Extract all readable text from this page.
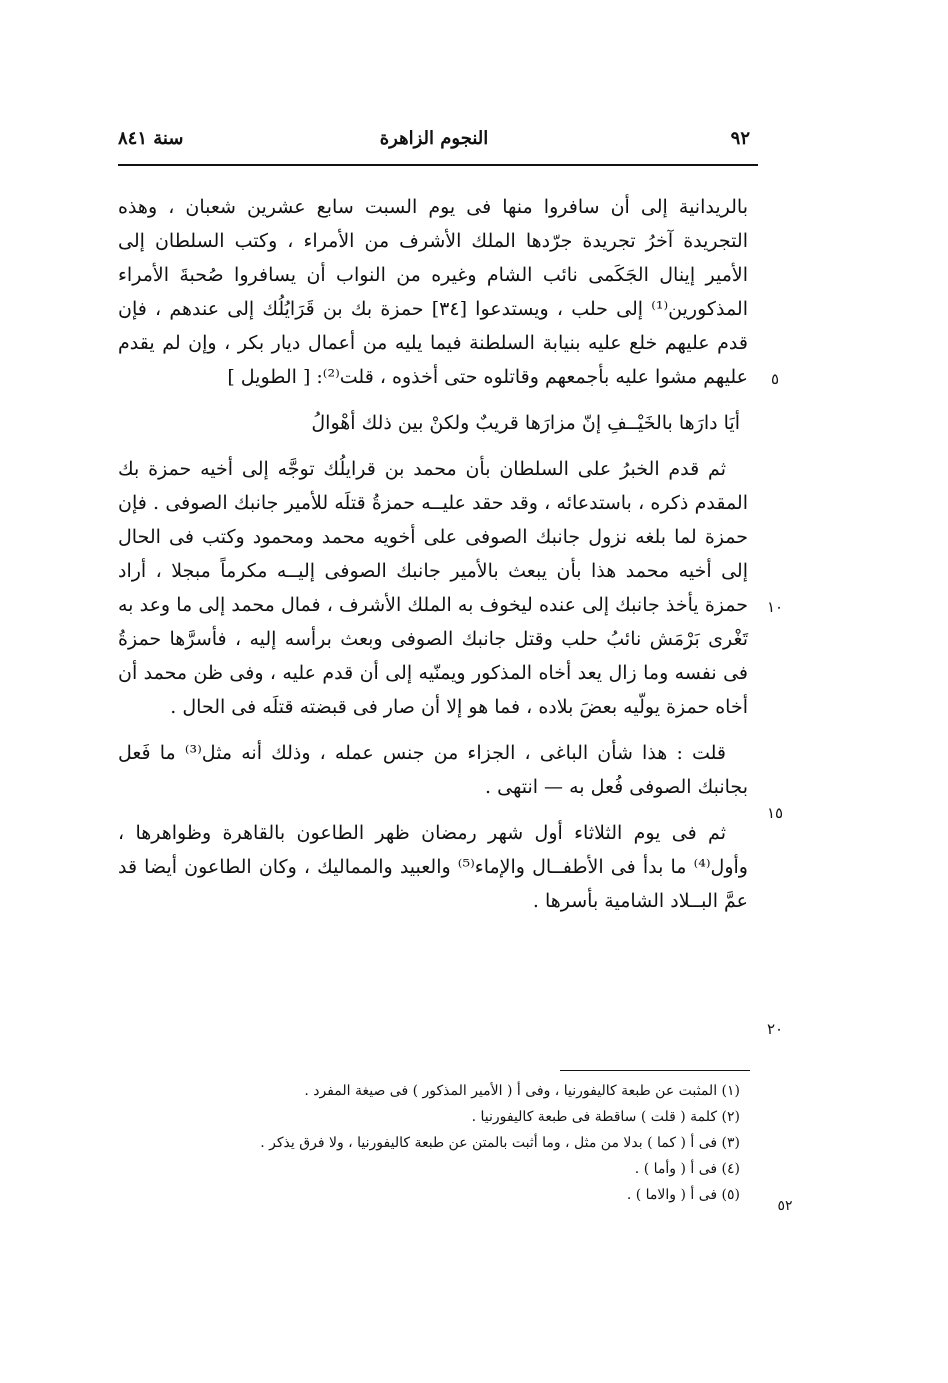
٩٢
النجوم الزاهرة
سنة ٨٤١

بالريدانية إلى أن سافروا منها فى يوم السبت سابع عشرين شعبان ، وهذه التجريدة آخرُ تجريدة جرّدها الملك الأشرف من الأمراء ، وكتب السلطان إلى الأمير إينال الجَكَمى نائب الشام وغيره من النواب أن يسافروا صُحبةَ الأمراء المذكورين⁽¹⁾ إلى حلب ، ويستدعوا [٣٤] حمزة بك بن قَرَايُلُك إلى عندهم ، فإن قدم عليهم خلع عليه بنيابة السلطنة فيما يليه من أعمال ديار بكر ، وإن لم يقدم عليهم مشوا عليه بأجمعهم وقاتلوه حتى أخذوه ، قلت⁽²⁾: [ الطويل ]

أيَا دارَها بالخَيْــفِ إنّ مزارَها قريبٌ ولكنْ بين ذلك أهْوالُ

ثم قدم الخبرُ على السلطان بأن محمد بن قرايلُك توجَّه إلى أخيه حمزة بك المقدم ذكره ، باستدعائه ، وقد حقد عليــه حمزةُ قتلَه للأمير جانبك الصوفى . فإن حمزة لما بلغه نزول جانبك الصوفى على أخويه محمد ومحمود وكتب فى الحال إلى أخيه محمد هذا بأن يبعث بالأمير جانبك الصوفى إليــه مكرماً مبجلا ، أراد حمزة يأخذ جانبك إلى عنده ليخوف به الملك الأشرف ، فمال محمد إلى ما وعد به تَغْرى بَرْمَش نائبُ حلب وقتل جانبك الصوفى وبعث برأسه إليه ، فأسرَّها حمزةُ فى نفسه وما زال يعد أخاه المذكور ويمنّيه إلى أن قدم عليه ، وفى ظن محمد أن أخاه حمزة يولّيه بعضَ بلاده ، فما هو إلا أن صار فى قبضته قتلَه فى الحال .

قلت : هذا شأن الباغى ، الجزاء من جنس عمله ، وذلك أنه مثل⁽³⁾ ما فَعل بجانبك الصوفى فُعل به — انتهى .

ثم فى يوم الثلاثاء أول شهر رمضان ظهر الطاعون بالقاهرة وظواهرها ، وأول⁽⁴⁾ ما بدأ فى الأطفــال والإماء⁽⁵⁾ والعبيد والمماليك ، وكان الطاعون أيضا قد عمَّ البــلاد الشامية بأسرها .

٥
١٠
١٥
٢٠

(١) المثبت عن طبعة كاليفورنيا ، وفى أ ( الأمير المذكور ) فى صيغة المفرد .

(٢) كلمة ( قلت ) ساقطة فى طبعة كاليفورنيا .

(٣) فى أ ( كما ) بدلا من مثل ، وما أثبت بالمتن عن طبعة كاليفورنيا ، ولا فرق يذكر .

(٤) فى أ ( وأما ) .

(٥) فى أ ( والاما ) .

٥٢
